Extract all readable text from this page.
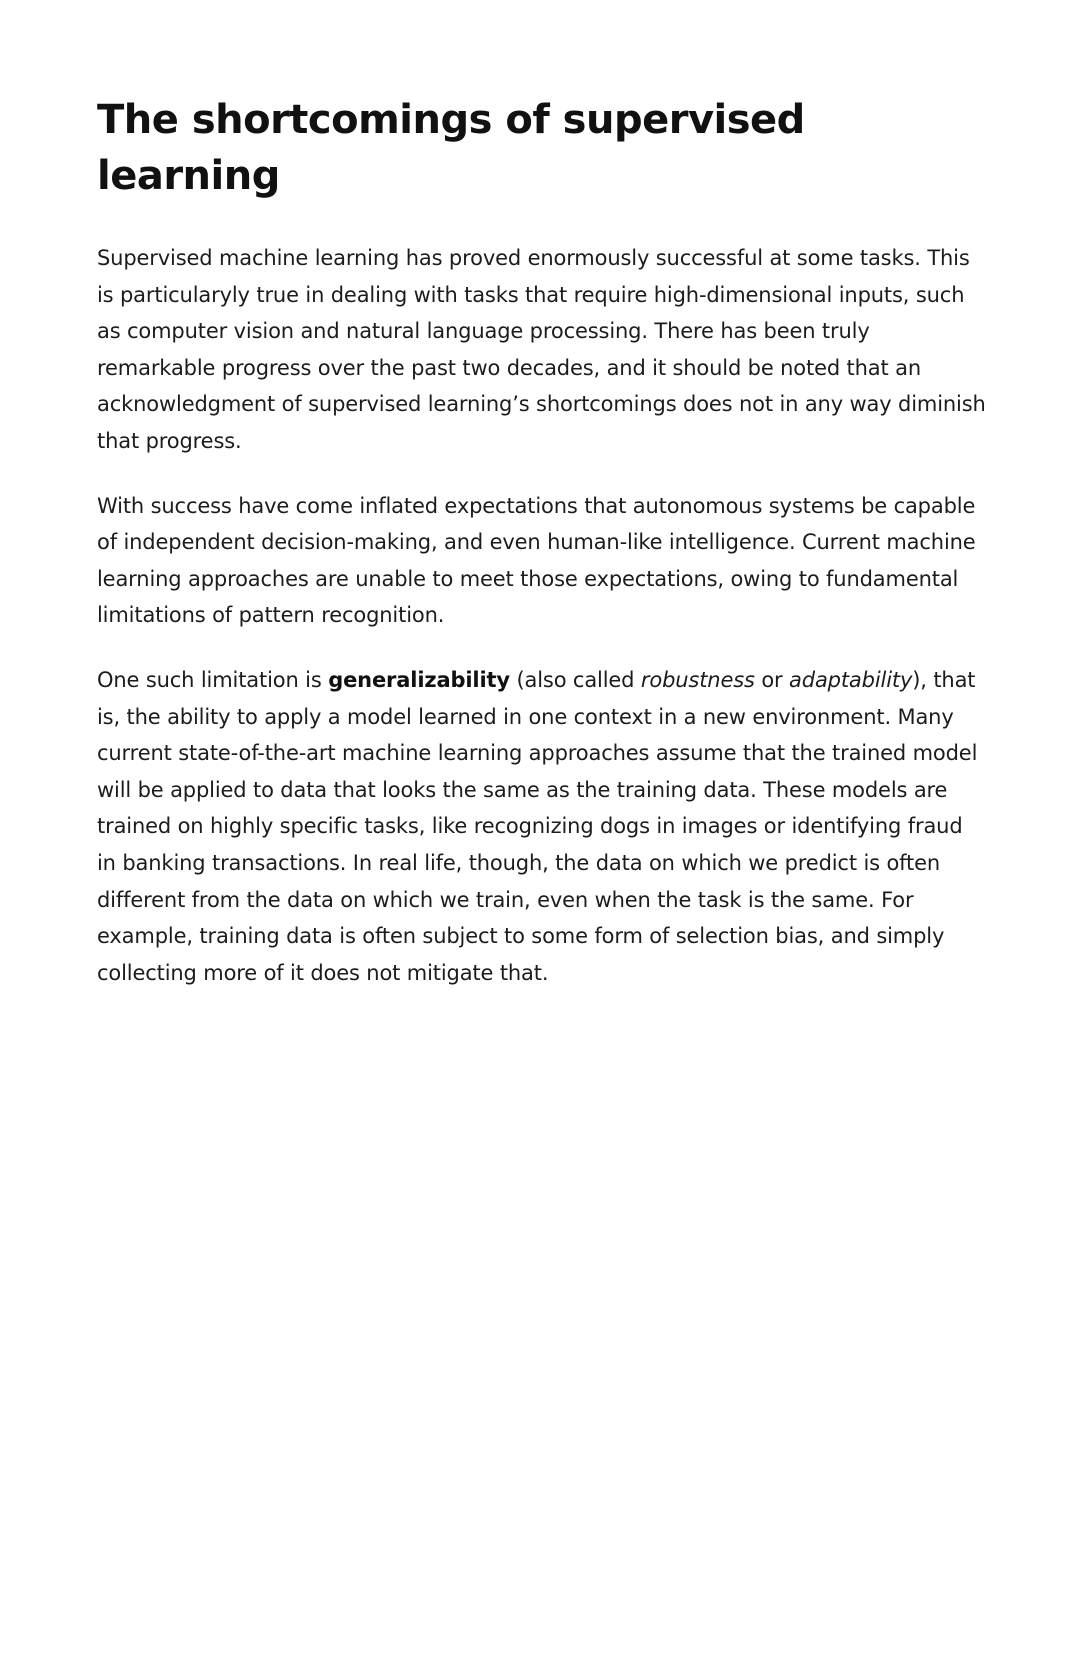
The shortcomings of supervised learning

Supervised machine learning has proved enormously successful at some tasks. This is particularyly true in dealing with tasks that require high-dimensional inputs, such as computer vision and natural language processing. There has been truly remarkable progress over the past two decades, and it should be noted that an acknowledgment of supervised learning’s shortcomings does not in any way diminish that progress.

With success have come inflated expectations that autonomous systems be capable of independent decision-making, and even human-like intelligence. Current machine learning approaches are unable to meet those expectations, owing to fundamental limitations of pattern recognition.

One such limitation is generalizability (also called robustness or adaptability), that is, the ability to apply a model learned in one context in a new environment. Many current state-of-the-art machine learning approaches assume that the trained model will be applied to data that looks the same as the training data. These models are trained on highly specific tasks, like recognizing dogs in images or identifying fraud in banking transactions. In real life, though, the data on which we predict is often different from the data on which we train, even when the task is the same. For example, training data is often subject to some form of selection bias, and simply collecting more of it does not mitigate that.
